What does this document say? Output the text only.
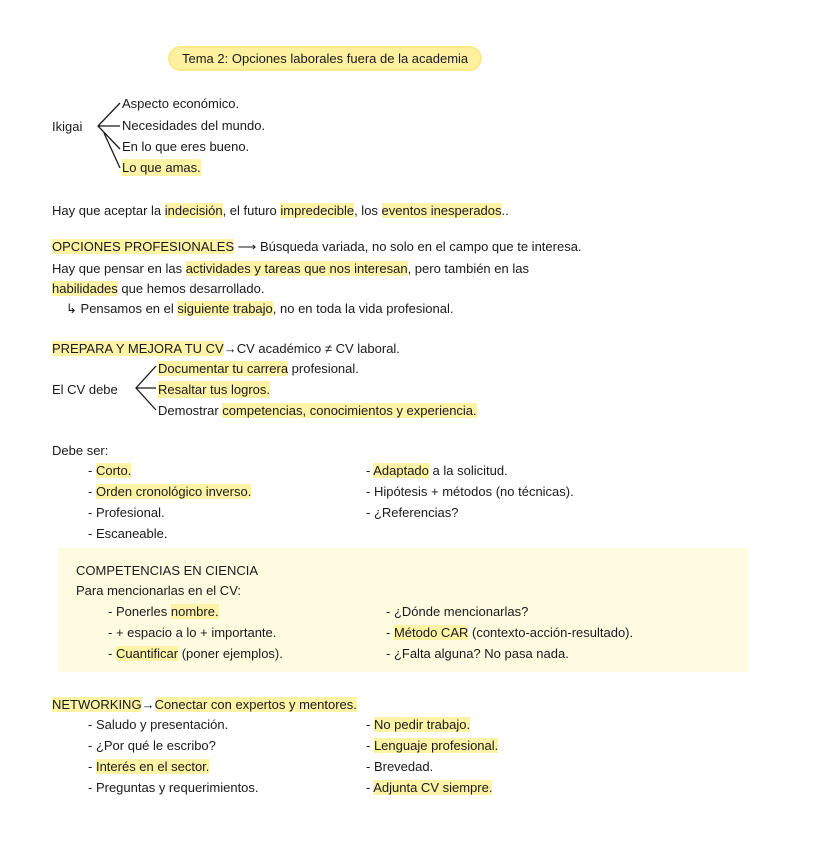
Tema 2: Opciones laborales fuera de la academia
Ikigai
Aspecto económico.
Necesidades del mundo.
En lo que eres bueno.
Lo que amas.
Hay que aceptar la indecisión, el futuro impredecible, los eventos inesperados..
OPCIONES PROFESIONALES ⟶ Búsqueda variada, no solo en el campo que te interesa.
Hay que pensar en las actividades y tareas que nos interesan, pero también en las
habilidades que hemos desarrollado.
↳ Pensamos en el siguiente trabajo, no en toda la vida profesional.
PREPARA Y MEJORA TU CV→CV académico ≠ CV laboral.
El CV debe
Documentar tu carrera profesional.
Resaltar tus logros.
Demostrar competencias, conocimientos y experiencia.
Debe ser:
- Corto.
- Orden cronológico inverso.
- Profesional.
- Escaneable.
- Adaptado a la solicitud.
- Hipótesis + métodos (no técnicas).
- ¿Referencias?
COMPETENCIAS EN CIENCIA
Para mencionarlas en el CV:
- Ponerles nombre.
- + espacio a lo + importante.
- Cuantificar (poner ejemplos).
- ¿Dónde mencionarlas?
- Método CAR (contexto-acción-resultado).
- ¿Falta alguna? No pasa nada.
NETWORKING→Conectar con expertos y mentores.
- Saludo y presentación.
- ¿Por qué le escribo?
- Interés en el sector.
- Preguntas y requerimientos.
- No pedir trabajo.
- Lenguaje profesional.
- Brevedad.
- Adjunta CV siempre.
